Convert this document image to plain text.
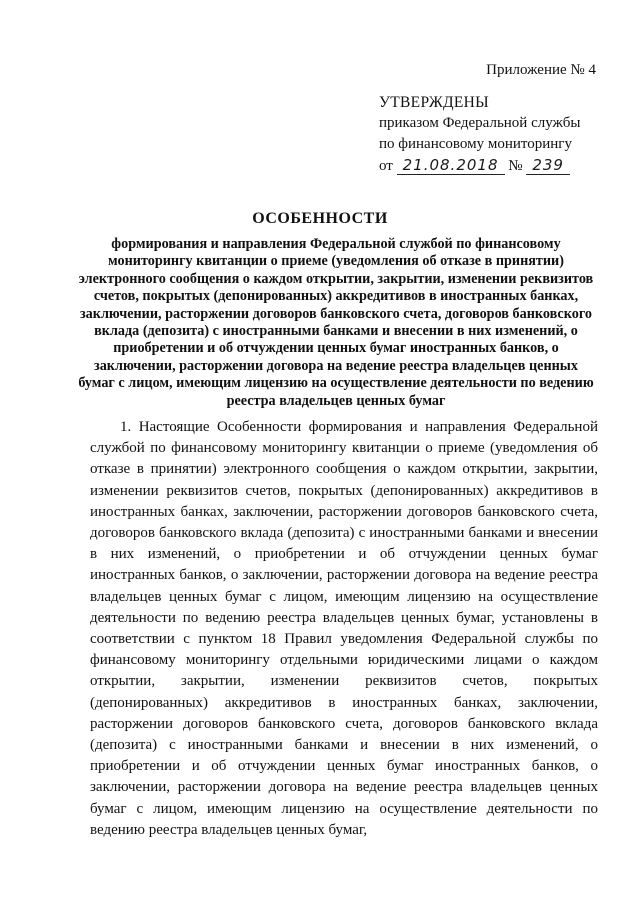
Приложение № 4
УТВЕРЖДЕНЫ
приказом Федеральной службы
по финансовому мониторингу
от 21.08.2018 № 239
ОСОБЕННОСТИ
формирования и направления Федеральной службой по финансовому мониторингу квитанции о приеме (уведомления об отказе в принятии) электронного сообщения о каждом открытии, закрытии, изменении реквизитов счетов, покрытых (депонированных) аккредитивов в иностранных банках, заключении, расторжении договоров банковского счета, договоров банковского вклада (депозита) с иностранными банками и внесении в них изменений, о приобретении и об отчуждении ценных бумаг иностранных банков, о заключении, расторжении договора на ведение реестра владельцев ценных бумаг с лицом, имеющим лицензию на осуществление деятельности по ведению реестра владельцев ценных бумаг

1. Настоящие Особенности формирования и направления Федеральной службой по финансовому мониторингу квитанции о приеме (уведомления об отказе в принятии) электронного сообщения о каждом открытии, закрытии, изменении реквизитов счетов, покрытых (депонированных) аккредитивов в иностранных банках, заключении, расторжении договоров банковского счета, договоров банковского вклада (депозита) с иностранными банками и внесении в них изменений, о приобретении и об отчуждении ценных бумаг иностранных банков, о заключении, расторжении договора на ведение реестра владельцев ценных бумаг с лицом, имеющим лицензию на осуществление деятельности по ведению реестра владельцев ценных бумаг, установлены в соответствии с пунктом 18 Правил уведомления Федеральной службы по финансовому мониторингу отдельными юридическими лицами о каждом открытии, закрытии, изменении реквизитов счетов, покрытых (депонированных) аккредитивов в иностранных банках, заключении, расторжении договоров банковского счета, договоров банковского вклада (депозита) с иностранными банками и внесении в них изменений, о приобретении и об отчуждении ценных бумаг иностранных банков, о заключении, расторжении договора на ведение реестра владельцев ценных бумаг с лицом, имеющим лицензию на осуществление деятельности по ведению реестра владельцев ценных бумаг,
